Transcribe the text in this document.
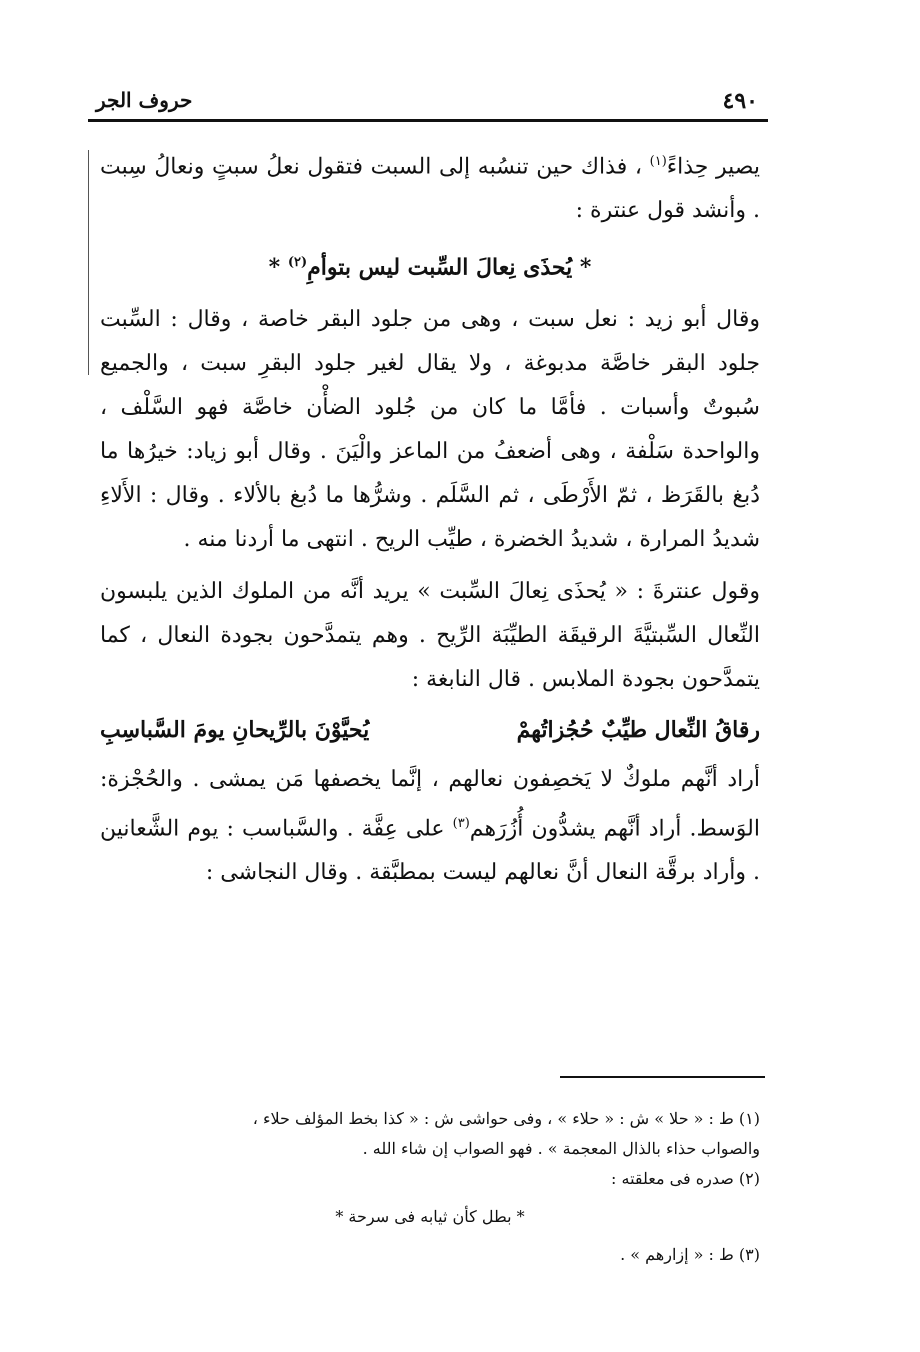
٤٩٠
حروف الجر

يصير حِذاءً$^{(١)}$ ، فذاك حين تنسُبه إلى السبت فتقول نعلُ سبتٍ ونعالُ سِبت . وأنشد قول عنترة :

* يُحذَى نِعالَ السِّبت ليس بتوأمِ$^{(٢)}$ *

وقال أبو زيد : نعل سبت ، وهى من جلود البقر خاصة ، وقال : السِّبت جلود البقر خاصَّة مدبوغة ، ولا يقال لغير جلود البقرِ سبت ، والجميع سُبوتٌ وأسبات . فأمَّا ما كان من جُلود الضأْن خاصَّة فهو السَّلْف ، والواحدة سَلْفة ، وهى أضعفُ من الماعز والْيَنَ . وقال أبو زياد: خيرُها ما دُبغ بالقَرَظ ، ثمّ الأَرْطَى ، ثم السَّلَم . وشرُّها ما دُبغ بالألاء . وقال : الأَلاءِ شديدُ المرارة ، شديدُ الخضرة ، طيِّب الريح . انتهى ما أردنا منه .

وقول عنترةَ : « يُحذَى نِعالَ السِّبت » يريد أنَّه من الملوك الذين يلبسون النِّعال السِّبتيَّةَ الرقيقَة الطيِّبَة الرِّيح . وهم يتمدَّحون بجودة النعال ، كما يتمدَّحون بجودة الملابس . قال النابغة :

رقاقُ النِّعال طيِّبٌ حُجُزاتُهمْ
يُحيَّوْنَ بالرِّيحانِ يومَ السَّباسِبِ

أراد أنَّهم ملوكٌ لا يَخصِفون نعالهم ، إنَّما يخصفها مَن يمشى . والحُجْزة: الوَسط. أراد أنَّهم يشدُّون أُزُرَهم$^{(٣)}$ على عِفَّة . والسَّباسب : يوم الشَّعانين . وأراد برقَّة النعال أنَّ نعالهم ليست بمطبَّقة . وقال النجاشى :

(١) ط : « حلا » ش : « حلاء » ، وفى حواشى ش : « كذا بخط المؤلف حلاء ،

والصواب حذاء بالذال المعجمة » . فهو الصواب إن شاء الله .

(٢) صدره فى معلقته :

* بطل كأن ثيابه فى سرحة *

(٣) ط : « إزارهم » .
